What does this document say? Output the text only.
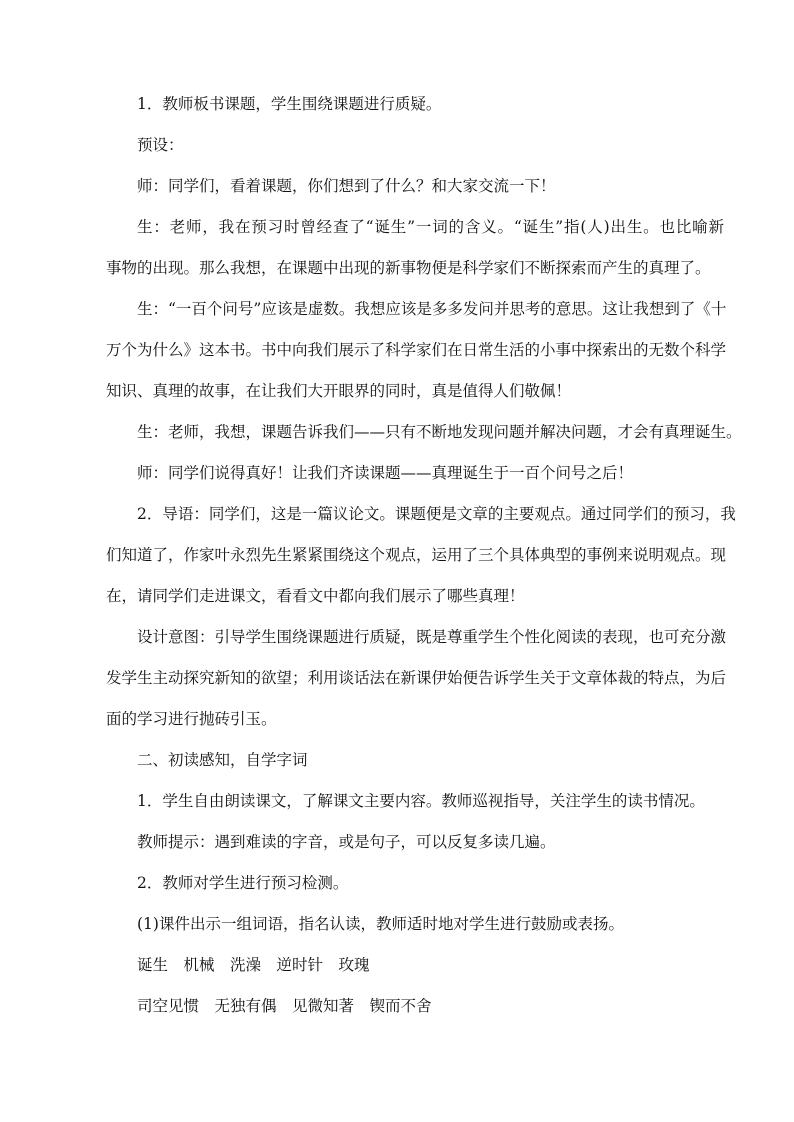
1．教师板书课题，学生围绕课题进行质疑。
预设：
师：同学们，看着课题，你们想到了什么？和大家交流一下！
生：老师，我在预习时曾经查了“诞生”一词的含义。“诞生”指(人)出生。也比喻新
事物的出现。那么我想，在课题中出现的新事物便是科学家们不断探索而产生的真理了。
生：“一百个问号”应该是虚数。我想应该是多多发问并思考的意思。这让我想到了《十
万个为什么》这本书。书中向我们展示了科学家们在日常生活的小事中探索出的无数个科学
知识、真理的故事，在让我们大开眼界的同时，真是值得人们敬佩！
生：老师，我想，课题告诉我们——只有不断地发现问题并解决问题，才会有真理诞生。
师：同学们说得真好！让我们齐读课题——真理诞生于一百个问号之后！
2．导语：同学们，这是一篇议论文。课题便是文章的主要观点。通过同学们的预习，我
们知道了，作家叶永烈先生紧紧围绕这个观点，运用了三个具体典型的事例来说明观点。现
在，请同学们走进课文，看看文中都向我们展示了哪些真理！
设计意图：引导学生围绕课题进行质疑，既是尊重学生个性化阅读的表现，也可充分激
发学生主动探究新知的欲望；利用谈话法在新课伊始便告诉学生关于文章体裁的特点，为后
面的学习进行抛砖引玉。
二、初读感知，自学字词
1．学生自由朗读课文，了解课文主要内容。教师巡视指导，关注学生的读书情况。
教师提示：遇到难读的字音，或是句子，可以反复多读几遍。
2．教师对学生进行预习检测。
(1)课件出示一组词语，指名认读，教师适时地对学生进行鼓励或表扬。
诞生　机械　洗澡　逆时针　玫瑰
司空见惯　无独有偶　见微知著　锲而不舍
